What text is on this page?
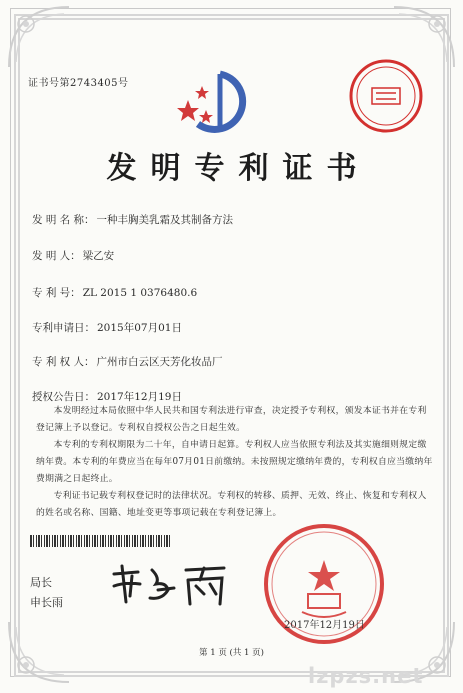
证书号第2743405号
发明专利证书
发 明 名 称： 一种丰胸美乳霜及其制备方法
发 明 人： 梁乙安
专 利 号： ZL 2015 1 0376480.6
专利申请日： 2015年07月01日
专 利 权 人： 广州市白云区天芳化妆品厂
授权公告日： 2017年12月19日

本发明经过本局依照中华人民共和国专利法进行审查，决定授予专利权，颁发本证书并在专利登记簿上予以登记。专利权自授权公告之日起生效。

本专利的专利权期限为二十年，自申请日起算。专利权人应当依照专利法及其实施细则规定缴纳年费。本专利的年费应当在每年07月01日前缴纳。未按照规定缴纳年费的，专利权自应当缴纳年费期满之日起终止。

专利证书记载专利权登记时的法律状况。专利权的转移、质押、无效、终止、恢复和专利权人的姓名或名称、国籍、地址变更等事项记载在专利登记簿上。

局长
申长雨
2017年12月19日
第 1 页 (共 1 页)
lzpzs.net
